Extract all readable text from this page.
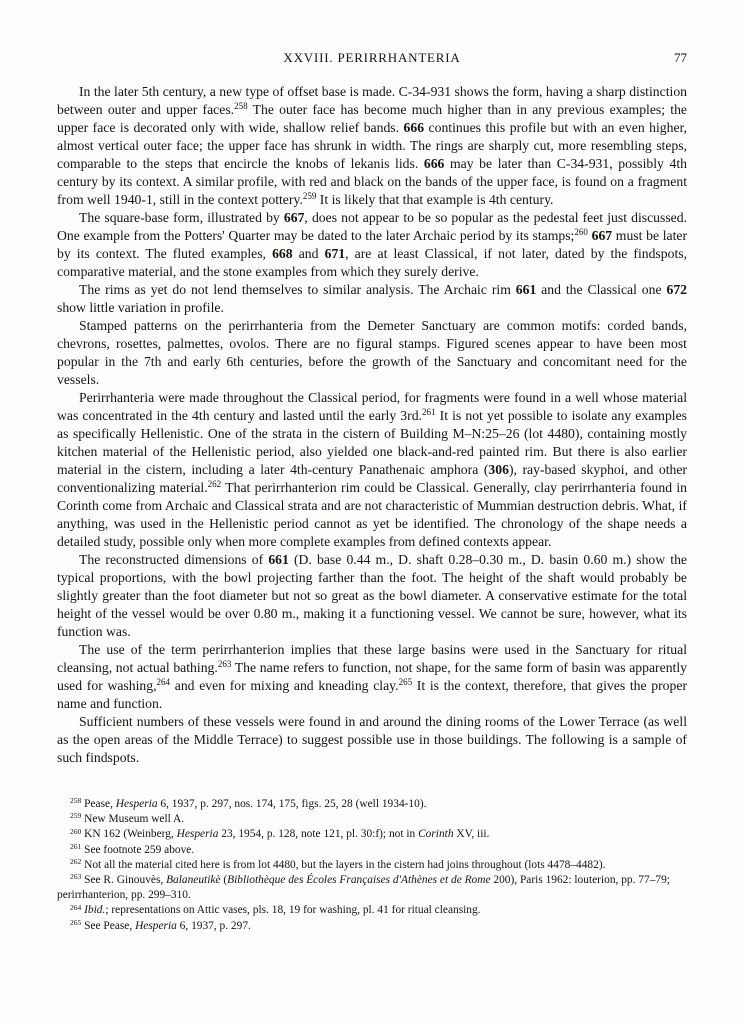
XXVIII. PERIRRHANTERIA	77

In the later 5th century, a new type of offset base is made. C-34-931 shows the form, having a sharp distinction between outer and upper faces.$^{258}$ The outer face has become much higher than in any previous examples; the upper face is decorated only with wide, shallow relief bands. 666 continues this profile but with an even higher, almost vertical outer face; the upper face has shrunk in width. The rings are sharply cut, more resembling steps, comparable to the steps that encircle the knobs of lekanis lids. 666 may be later than C-34-931, possibly 4th century by its context. A similar profile, with red and black on the bands of the upper face, is found on a fragment from well 1940-1, still in the context pottery.$^{259}$ It is likely that that example is 4th century.

The square-base form, illustrated by 667, does not appear to be so popular as the pedestal feet just discussed. One example from the Potters' Quarter may be dated to the later Archaic period by its stamps;$^{260}$ 667 must be later by its context. The fluted examples, 668 and 671, are at least Classical, if not later, dated by the findspots, comparative material, and the stone examples from which they surely derive.

The rims as yet do not lend themselves to similar analysis. The Archaic rim 661 and the Classical one 672 show little variation in profile.

Stamped patterns on the perirrhanteria from the Demeter Sanctuary are common motifs: corded bands, chevrons, rosettes, palmettes, ovolos. There are no figural stamps. Figured scenes appear to have been most popular in the 7th and early 6th centuries, before the growth of the Sanctuary and concomitant need for the vessels.

Perirrhanteria were made throughout the Classical period, for fragments were found in a well whose material was concentrated in the 4th century and lasted until the early 3rd.$^{261}$ It is not yet possible to isolate any examples as specifically Hellenistic. One of the strata in the cistern of Building M–N:25–26 (lot 4480), containing mostly kitchen material of the Hellenistic period, also yielded one black-and-red painted rim. But there is also earlier material in the cistern, including a later 4th-century Panathenaic amphora (306), ray-based skyphoi, and other conventionalizing material.$^{262}$ That perirrhanterion rim could be Classical. Generally, clay perirrhanteria found in Corinth come from Archaic and Classical strata and are not characteristic of Mummian destruction debris. What, if anything, was used in the Hellenistic period cannot as yet be identified. The chronology of the shape needs a detailed study, possible only when more complete examples from defined contexts appear.

The reconstructed dimensions of 661 (D. base 0.44 m., D. shaft 0.28–0.30 m., D. basin 0.60 m.) show the typical proportions, with the bowl projecting farther than the foot. The height of the shaft would probably be slightly greater than the foot diameter but not so great as the bowl diameter. A conservative estimate for the total height of the vessel would be over 0.80 m., making it a functioning vessel. We cannot be sure, however, what its function was.

The use of the term perirrhanterion implies that these large basins were used in the Sanctuary for ritual cleansing, not actual bathing.$^{263}$ The name refers to function, not shape, for the same form of basin was apparently used for washing,$^{264}$ and even for mixing and kneading clay.$^{265}$ It is the context, therefore, that gives the proper name and function.

Sufficient numbers of these vessels were found in and around the dining rooms of the Lower Terrace (as well as the open areas of the Middle Terrace) to suggest possible use in those buildings. The following is a sample of such findspots.

$^{258}$ Pease, Hesperia 6, 1937, p. 297, nos. 174, 175, figs. 25, 28 (well 1934-10).

$^{259}$ New Museum well A.

$^{260}$ KN 162 (Weinberg, Hesperia 23, 1954, p. 128, note 121, pl. 30:f); not in Corinth XV, iii.

$^{261}$ See footnote 259 above.

$^{262}$ Not all the material cited here is from lot 4480, but the layers in the cistern had joins throughout (lots 4478–4482).

$^{263}$ See R. Ginouvès, Balaneutikè (Bibliothèque des Écoles Françaises d'Athènes et de Rome 200), Paris 1962: louterion, pp. 77–79; perirrhanterion, pp. 299–310.

$^{264}$ Ibid.; representations on Attic vases, pls. 18, 19 for washing, pl. 41 for ritual cleansing.

$^{265}$ See Pease, Hesperia 6, 1937, p. 297.
